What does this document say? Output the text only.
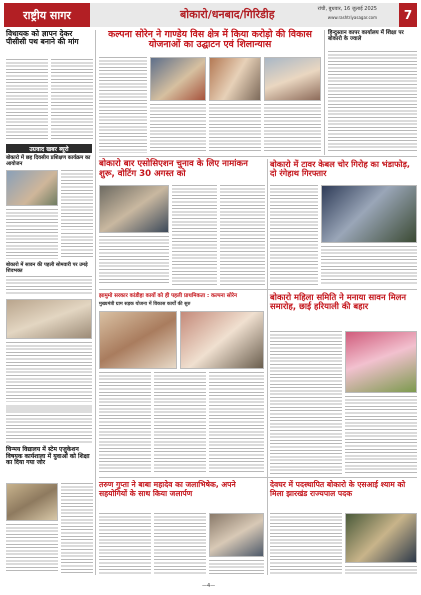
राष्ट्रीय सागर	बोकारो/धनबाद/गिरिडीह	रांची, बुधवार, 16 जुलाई 2025
www.rashtriyasagar.com	7
विधायक को ज्ञापन देकर पीसीसी पथ बनाने की मांग
उग्रवाद खबर ब्यूरो
बोकारो में छह दिवसीय प्रशिक्षण कार्यक्रम का आयोजन
बोकारो में सावन की पहली सोमवारी पर उमड़े शिवभक्त
चिन्मय विद्यालय में स्टेम एजुकेशन विषयक कार्यशाला में युवाओं को शिक्षा का दिया गया जोर
कल्पना सोरेन ने गाण्डेय विस क्षेत्र में किया करोड़ो की विकास योजनाओं का उद्घाटन एवं शिलान्यास
हिन्दुस्तान कापर कार्यालय में शिक्षा पर बोकारो के ज्वाले
बोकारो बार एसोसिएशन चुनाव के लिए नामांकन शुरू, वोटिंग 30 अगस्त को
बोकारो में टावर केबल चोर गिरोह का भंडाफोड़, दो रंगेहाथ गिरफ्तार
झामुमो सरकार कांडीहा कायों को ही पहली प्राथमिकता : कल्पना सोरेन
मुख्यमंत्री ग्राम सड़क योजना में विकास कार्यों की सुरु
बोकारो महिला समिति ने मनाया सावन मिलन समारोह, छाई हरियाली की बहार
तरुण गुप्ता ने बाबा महादेव का जलाभिषेक, अपने सहयोगियों के साथ किया जलार्पण
देवघर में पदस्थापित बोकारो के एसआई श्याम को मिला झारखंड राज्यपाल पदक
—4—
